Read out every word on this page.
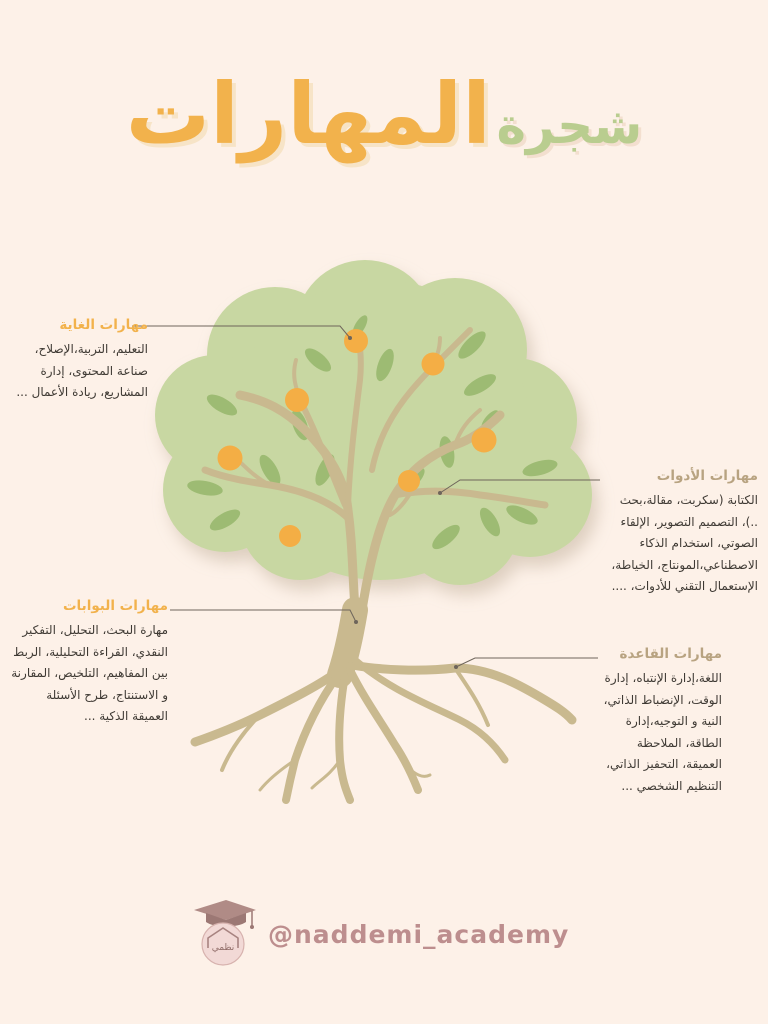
شجرة المهارات
مهارات الغاية
التعليم، التربية،الإصلاح، صناعة المحتوى، إدارة المشاريع، ريادة الأعمال ...
مهارات الأدوات
الكتابة (سكربت، مقالة،بحث ..)، التصميم التصوير، الإلقاء الصوتي، استخدام الذكاء الاصطناعي،المونتاج، الخياطة، الإستعمال التقني للأدوات، ....
مهارات البوابات
مهارة البحث، التحليل، التفكير النقدي، القراءة التحليلية، الربط بين المفاهيم، التلخيص، المقارنة و الاستنتاج، طرح الأسئلة العميقة الذكية ...
مهارات القاعدة
اللغة،إدارة الإنتباه، إدارة الوقت، الإنضباط الذاتي، النية و التوجيه،إدارة الطاقة، الملاحظة العميقة، التحفيز الذاتي، التنظيم الشخصي ...
نظمي @naddemi_academy
